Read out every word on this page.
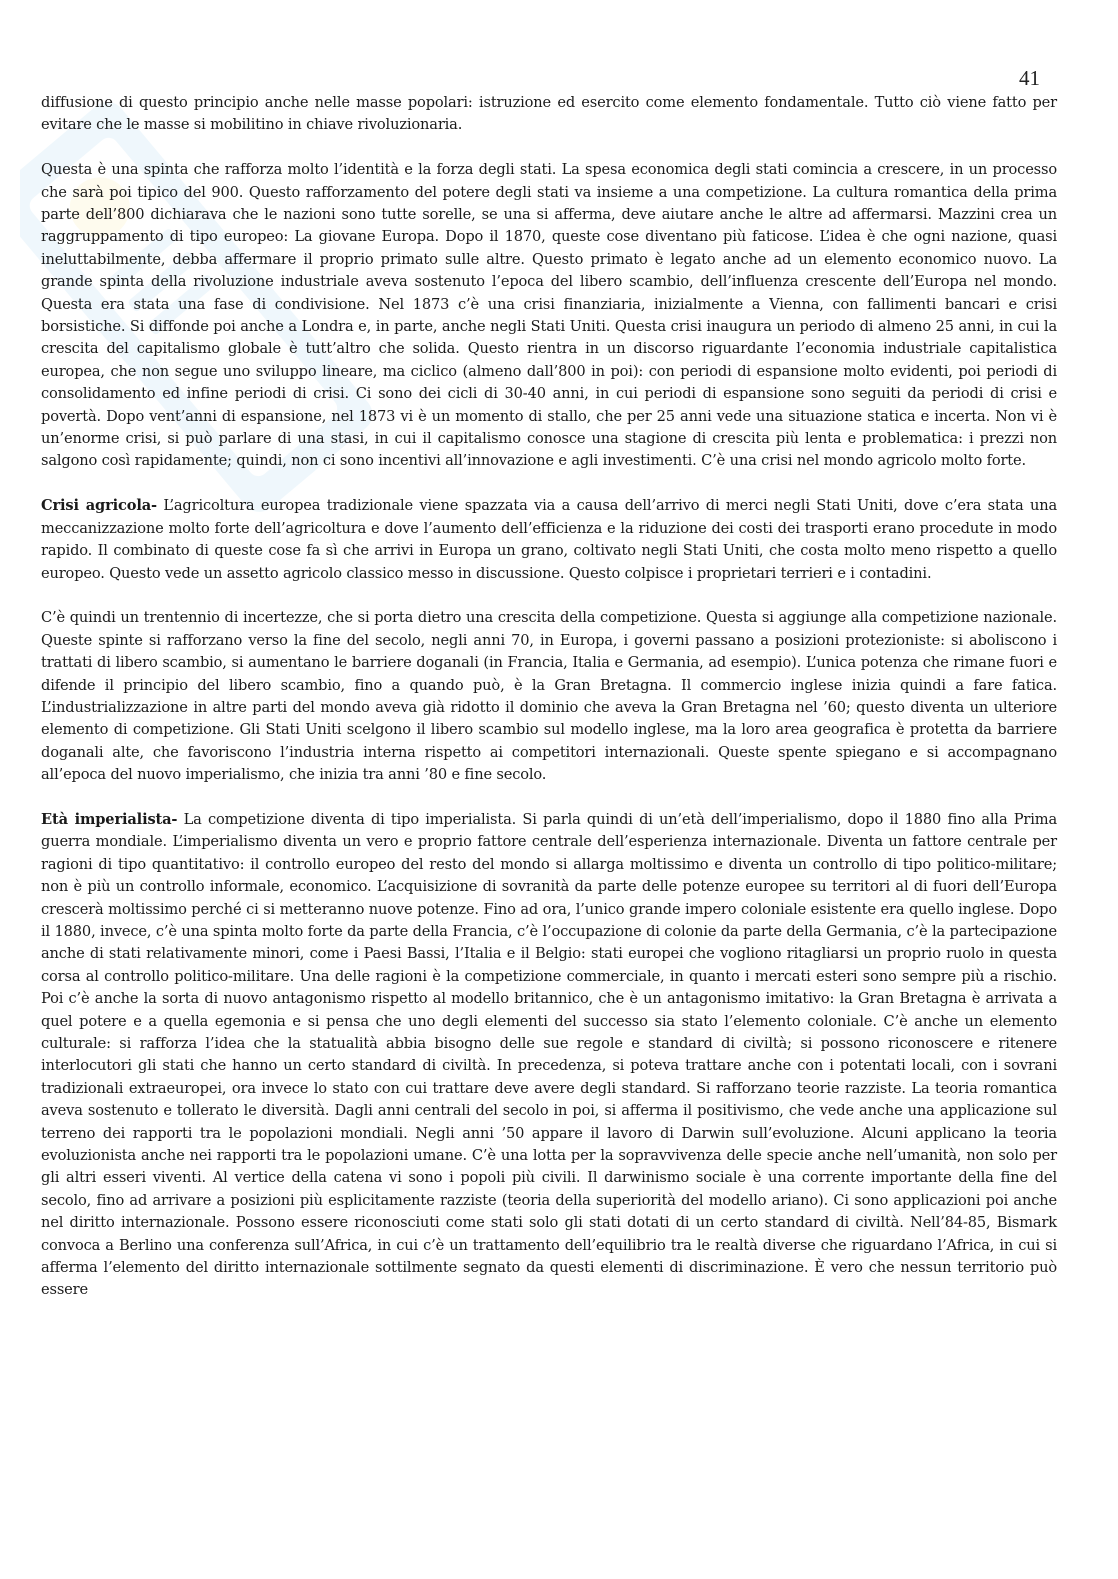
41

diffusione di questo principio anche nelle masse popolari: istruzione ed esercito come elemento fondamentale. Tutto ciò viene fatto per evitare che le masse si mobilitino in chiave rivoluzionaria.

Questa è una spinta che rafforza molto l’identità e la forza degli stati. La spesa economica degli stati comincia a crescere, in un processo che sarà poi tipico del 900. Questo rafforzamento del potere degli stati va insieme a una competizione. La cultura romantica della prima parte dell’800 dichiarava che le nazioni sono tutte sorelle, se una si afferma, deve aiutare anche le altre ad affermarsi. Mazzini crea un raggruppamento di tipo europeo: La giovane Europa. Dopo il 1870, queste cose diventano più faticose. L’idea è che ogni nazione, quasi ineluttabilmente, debba affermare il proprio primato sulle altre. Questo primato è legato anche ad un elemento economico nuovo. La grande spinta della rivoluzione industriale aveva sostenuto l’epoca del libero scambio, dell’influenza crescente dell’Europa nel mondo. Questa era stata una fase di condivisione. Nel 1873 c’è una crisi finanziaria, inizialmente a Vienna, con fallimenti bancari e crisi borsistiche. Si diffonde poi anche a Londra e, in parte, anche negli Stati Uniti. Questa crisi inaugura un periodo di almeno 25 anni, in cui la crescita del capitalismo globale è tutt’altro che solida. Questo rientra in un discorso riguardante l’economia industriale capitalistica europea, che non segue uno sviluppo lineare, ma ciclico (almeno dall’800 in poi): con periodi di espansione molto evidenti, poi periodi di consolidamento ed infine periodi di crisi. Ci sono dei cicli di 30-40 anni, in cui periodi di espansione sono seguiti da periodi di crisi e povertà. Dopo vent’anni di espansione, nel 1873 vi è un momento di stallo, che per 25 anni vede una situazione statica e incerta. Non vi è un’enorme crisi, si può parlare di una stasi, in cui il capitalismo conosce una stagione di crescita più lenta e problematica: i prezzi non salgono così rapidamente; quindi, non ci sono incentivi all’innovazione e agli investimenti. C’è una crisi nel mondo agricolo molto forte.

Crisi agricola- L’agricoltura europea tradizionale viene spazzata via a causa dell’arrivo di merci negli Stati Uniti, dove c’era stata una meccanizzazione molto forte dell’agricoltura e dove l’aumento dell’efficienza e la riduzione dei costi dei trasporti erano procedute in modo rapido. Il combinato di queste cose fa sì che arrivi in Europa un grano, coltivato negli Stati Uniti, che costa molto meno rispetto a quello europeo. Questo vede un assetto agricolo classico messo in discussione. Questo colpisce i proprietari terrieri e i contadini.

C’è quindi un trentennio di incertezze, che si porta dietro una crescita della competizione. Questa si aggiunge alla competizione nazionale. Queste spinte si rafforzano verso la fine del secolo, negli anni 70, in Europa, i governi passano a posizioni protezioniste: si aboliscono i trattati di libero scambio, si aumentano le barriere doganali (in Francia, Italia e Germania, ad esempio). L’unica potenza che rimane fuori e difende il principio del libero scambio, fino a quando può, è la Gran Bretagna. Il commercio inglese inizia quindi a fare fatica. L’industrializzazione in altre parti del mondo aveva già ridotto il dominio che aveva la Gran Bretagna nel ’60; questo diventa un ulteriore elemento di competizione. Gli Stati Uniti scelgono il libero scambio sul modello inglese, ma la loro area geografica è protetta da barriere doganali alte, che favoriscono l’industria interna rispetto ai competitori internazionali. Queste spente spiegano e si accompagnano all’epoca del nuovo imperialismo, che inizia tra anni ’80 e fine secolo.

Età imperialista- La competizione diventa di tipo imperialista. Si parla quindi di un’età dell’imperialismo, dopo il 1880 fino alla Prima guerra mondiale. L’imperialismo diventa un vero e proprio fattore centrale dell’esperienza internazionale. Diventa un fattore centrale per ragioni di tipo quantitativo: il controllo europeo del resto del mondo si allarga moltissimo e diventa un controllo di tipo politico-militare; non è più un controllo informale, economico. L’acquisizione di sovranità da parte delle potenze europee su territori al di fuori dell’Europa crescerà moltissimo perché ci si metteranno nuove potenze. Fino ad ora, l’unico grande impero coloniale esistente era quello inglese. Dopo il 1880, invece, c’è una spinta molto forte da parte della Francia, c’è l’occupazione di colonie da parte della Germania, c’è la partecipazione anche di stati relativamente minori, come i Paesi Bassi, l’Italia e il Belgio: stati europei che vogliono ritagliarsi un proprio ruolo in questa corsa al controllo politico-militare. Una delle ragioni è la competizione commerciale, in quanto i mercati esteri sono sempre più a rischio. Poi c’è anche la sorta di nuovo antagonismo rispetto al modello britannico, che è un antagonismo imitativo: la Gran Bretagna è arrivata a quel potere e a quella egemonia e si pensa che uno degli elementi del successo sia stato l’elemento coloniale. C’è anche un elemento culturale: si rafforza l’idea che la statualità abbia bisogno delle sue regole e standard di civiltà; si possono riconoscere e ritenere interlocutori gli stati che hanno un certo standard di civiltà. In precedenza, si poteva trattare anche con i potentati locali, con i sovrani tradizionali extraeuropei, ora invece lo stato con cui trattare deve avere degli standard. Si rafforzano teorie razziste. La teoria romantica aveva sostenuto e tollerato le diversità. Dagli anni centrali del secolo in poi, si afferma il positivismo, che vede anche una applicazione sul terreno dei rapporti tra le popolazioni mondiali. Negli anni ’50 appare il lavoro di Darwin sull’evoluzione. Alcuni applicano la teoria evoluzionista anche nei rapporti tra le popolazioni umane. C’è una lotta per la sopravvivenza delle specie anche nell’umanità, non solo per gli altri esseri viventi. Al vertice della catena vi sono i popoli più civili. Il darwinismo sociale è una corrente importante della fine del secolo, fino ad arrivare a posizioni più esplicitamente razziste (teoria della superiorità del modello ariano). Ci sono applicazioni poi anche nel diritto internazionale. Possono essere riconosciuti come stati solo gli stati dotati di un certo standard di civiltà. Nell’84-85, Bismark convoca a Berlino una conferenza sull’Africa, in cui c’è un trattamento dell’equilibrio tra le realtà diverse che riguardano l’Africa, in cui si afferma l’elemento del diritto internazionale sottilmente segnato da questi elementi di discriminazione. È vero che nessun territorio può essere
